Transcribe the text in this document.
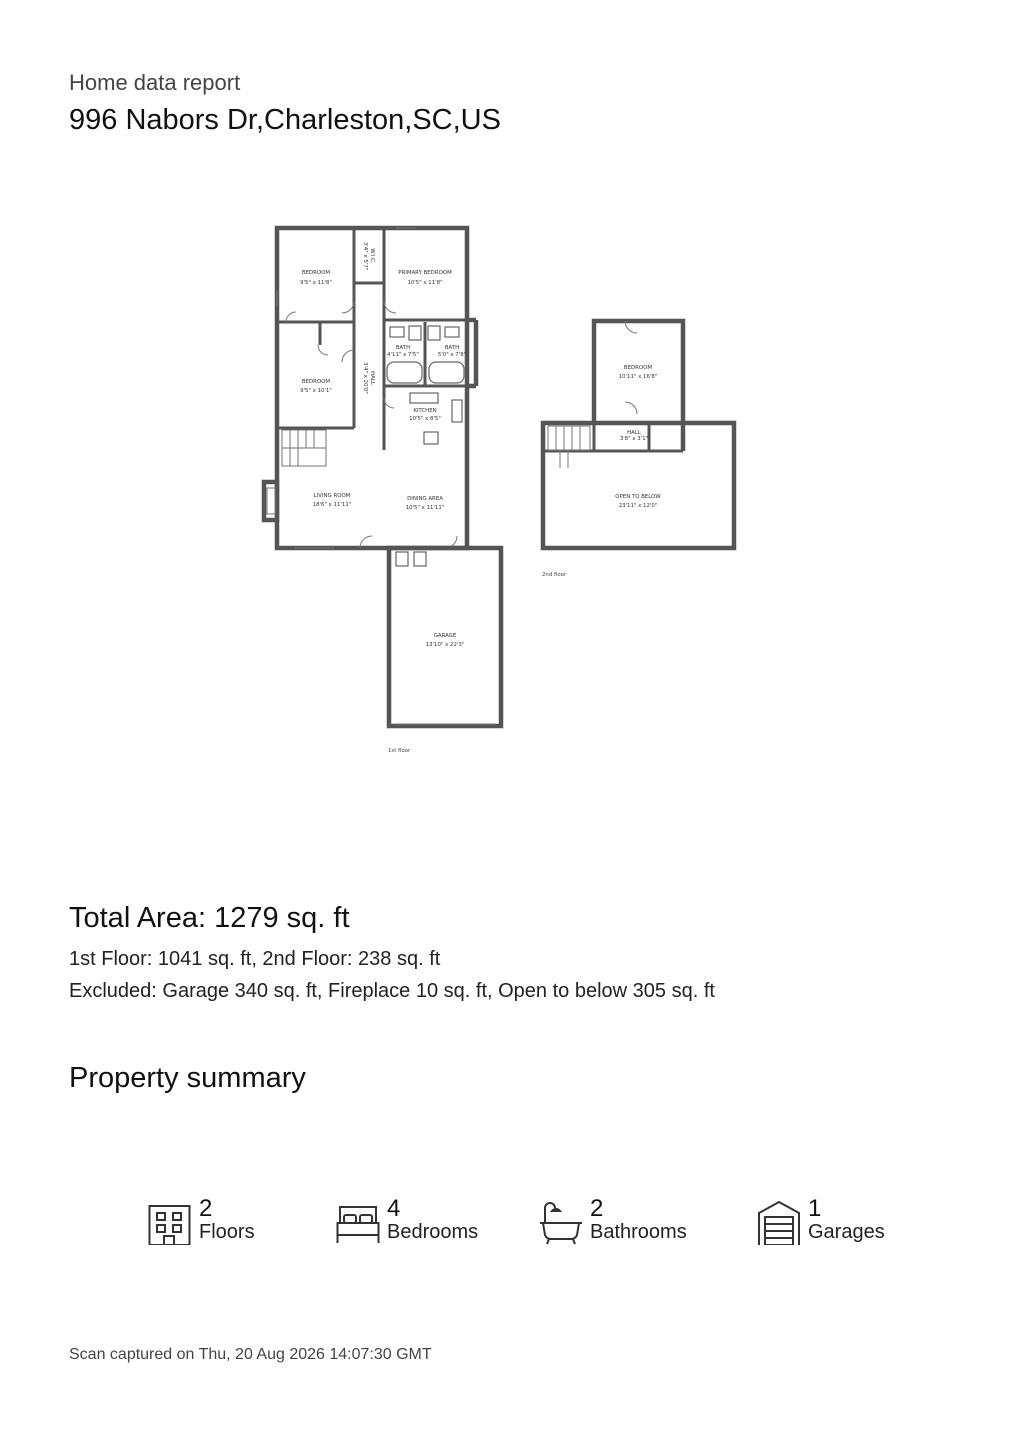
Home data report
996 Nabors Dr,Charleston,SC,US
BEDROOM
9'5" x 11'8"
PRIMARY BEDROOM
10'5" x 11'8"
W.I.C.
3'4" x 5'7"
HALL
3'4" x 20'0"
BATH
4'11" x 7'5"
BATH
5'0" x 7'8"
BEDROOM
9'5" x 10'1"
KITCHEN
10'5" x 8'5"
LIVING ROOM
18'6" x 11'11"
DINING AREA
10'5" x 11'11"
GARAGE
13'10" x 22'3"
1st floor
BEDROOM
10'11" x 16'8"
HALL
3'8" x 3'1"
OPEN TO BELOW
23'11" x 12'0"
2nd floor
Total Area: 1279 sq. ft
1st Floor: 1041 sq. ft, 2nd Floor: 238 sq. ft
Excluded: Garage 340 sq. ft, Fireplace 10 sq. ft, Open to below 305 sq. ft
Property summary
2
Floors
4
Bedrooms
2
Bathrooms
1
Garages
Scan captured on Thu, 20 Aug 2026 14:07:30 GMT
